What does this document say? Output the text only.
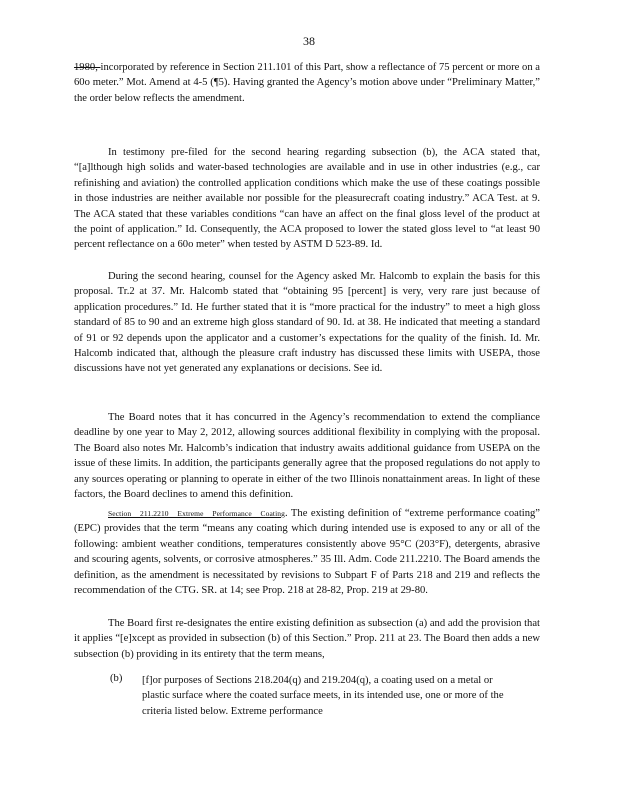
38

1980, incorporated by reference in Section 211.101 of this Part, show a reflectance of 75 percent or more on a 60o meter.” Mot. Amend at 4-5 (¶5). Having granted the Agency’s motion above under “Preliminary Matter,” the order below reflects the amendment.

In testimony pre-filed for the second hearing regarding subsection (b), the ACA stated that, “[a]lthough high solids and water-based technologies are available and in use in other industries (e.g., car refinishing and aviation) the controlled application conditions which make the use of these coatings possible in those industries are neither available nor possible for the pleasurecraft coating industry.” ACA Test. at 9. The ACA stated that these variables conditions “can have an affect on the final gloss level of the product at the point of application.” Id. Consequently, the ACA proposed to lower the stated gloss level to “at least 90 percent reflectance on a 60o meter” when tested by ASTM D 523-89. Id.

During the second hearing, counsel for the Agency asked Mr. Halcomb to explain the basis for this proposal. Tr.2 at 37. Mr. Halcomb stated that “obtaining 95 [percent] is very, very rare just because of application procedures.” Id. He further stated that it is “more practical for the industry” to meet a high gloss standard of 85 to 90 and an extreme high gloss standard of 90. Id. at 38. He indicated that meeting a standard of 91 or 92 depends upon the applicator and a customer’s expectations for the quality of the finish. Id. Mr. Halcomb indicated that, although the pleasure craft industry has discussed these limits with USEPA, those discussions have not yet generated any explanations or decisions. See id.

The Board notes that it has concurred in the Agency’s recommendation to extend the compliance deadline by one year to May 2, 2012, allowing sources additional flexibility in complying with the proposal. The Board also notes Mr. Halcomb’s indication that industry awaits additional guidance from USEPA on the issue of these limits. In addition, the participants generally agree that the proposed regulations do not apply to any sources operating or planning to operate in either of the two Illinois nonattainment areas. In light of these factors, the Board declines to amend this definition.

Section 211.2210 Extreme Performance Coating. The existing definition of “extreme performance coating” (EPC) provides that the term “means any coating which during intended use is exposed to any or all of the following: ambient weather conditions, temperatures consistently above 95°C (203°F), detergents, abrasive and scouring agents, solvents, or corrosive atmospheres.” 35 Ill. Adm. Code 211.2210. The Board amends the definition, as the amendment is necessitated by revisions to Subpart F of Parts 218 and 219 and reflects the recommendation of the CTG. SR. at 14; see Prop. 218 at 28-82, Prop. 219 at 29-80.

The Board first re-designates the entire existing definition as subsection (a) and add the provision that it applies “[e]xcept as provided in subsection (b) of this Section.” Prop. 211 at 23. The Board then adds a new subsection (b) providing in its entirety that the term means,

(b) [f]or purposes of Sections 218.204(q) and 219.204(q), a coating used on a metal or plastic surface where the coated surface meets, in its intended use, one or more of the criteria listed below. Extreme performance
